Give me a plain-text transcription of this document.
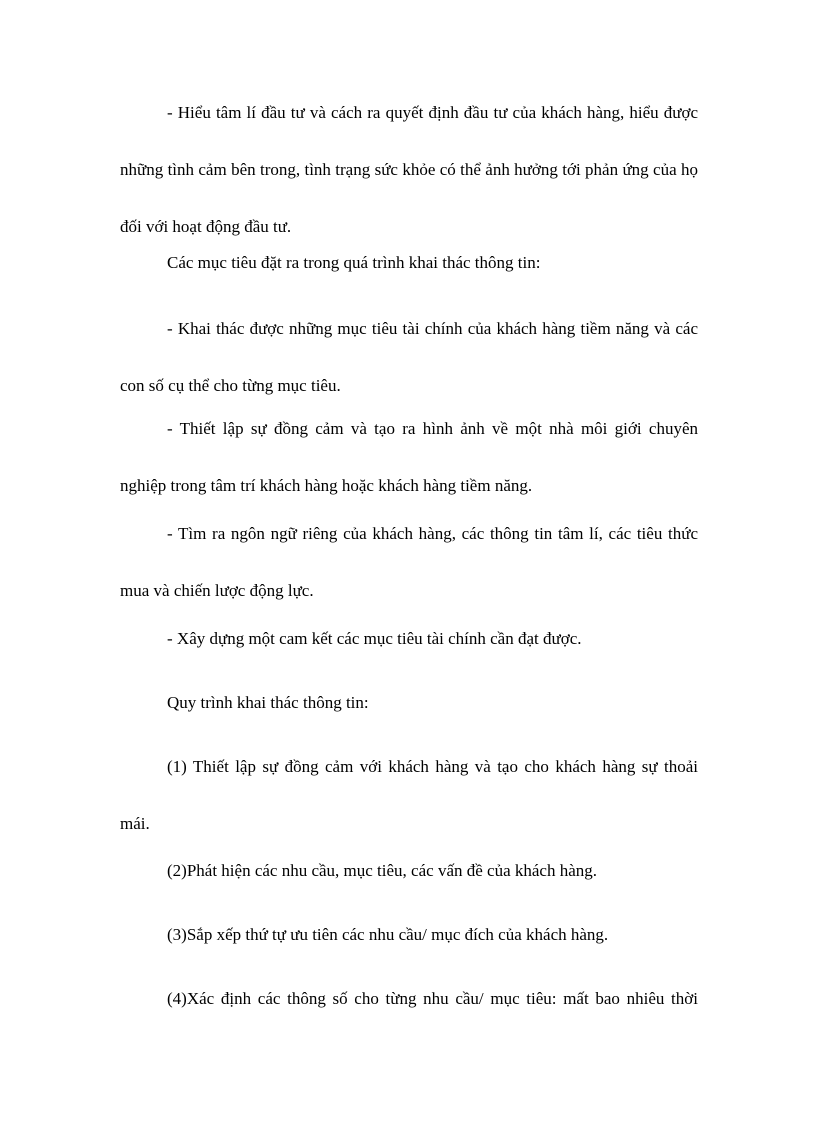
- Hiểu tâm lí đầu tư và cách ra quyết định đầu tư của khách hàng, hiểu được những tình cảm bên trong, tình trạng sức khỏe có thể ảnh hưởng tới phản ứng của họ đối với hoạt động đầu tư.

Các mục tiêu đặt ra trong quá trình khai thác thông tin:

- Khai thác được những mục tiêu tài chính của khách hàng tiềm năng và các con số cụ thể cho từng mục tiêu.

- Thiết lập sự đồng cảm và tạo ra hình ảnh về một nhà môi giới chuyên nghiệp trong tâm trí khách hàng hoặc khách hàng tiềm năng.

- Tìm ra ngôn ngữ riêng của khách hàng, các thông tin tâm lí, các tiêu thức mua và chiến lược động lực.

- Xây dựng một cam kết các mục tiêu tài chính cần đạt được.

Quy trình khai thác thông tin:

(1) Thiết lập sự đồng cảm với khách hàng và tạo cho khách hàng sự thoải mái.

(2)Phát hiện các nhu cầu, mục tiêu, các vấn đề của khách hàng.

(3)Sắp xếp thứ tự ưu tiên các nhu cầu/ mục đích của khách hàng.

(4)Xác định các thông số cho từng nhu cầu/ mục tiêu: mất bao nhiêu thời
